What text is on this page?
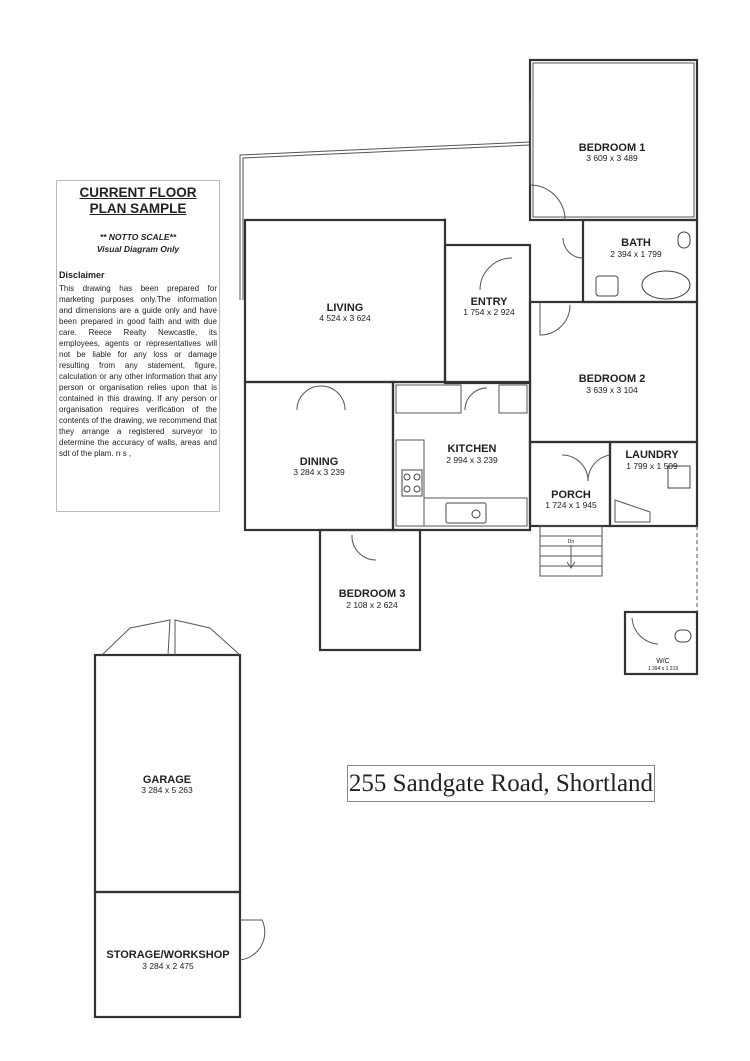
Dn
BEDROOM 1
3 609 x 3 489
BATH
2 394 x 1 799
LIVING
4 524 x 3 624
ENTRY
1 754 x 2 924
BEDROOM 2
3 639 x 3 104
DINING
3 284 x 3 239
KITCHEN
2 994 x 3 239	LAUNDRY
1 799 x 1 509
PORCH
1 724 x 1 945
BEDROOM 3
2 108 x 2 624
W/C
1 394 x 1 319
GARAGE
3 284 x 5 263
STORAGE/WORKSHOP
3 284 x 2 475
CURRENT FLOOR
PLAN SAMPLE
** NOTTO SCALE**
Visual Diagram Only
Disclaimer
This drawing has been prepared for marketing purposes only.The information and dimensions are a guide only and have been prepared in good faith and with due care. Reece Realty Newcastle, its employees, agents or representatives will not be liable for any loss or damage resulting from any statement, figure, calculation or any other information that any person or organisation relies upon that is contained in this drawing. If any person or organisation requires verification of the contents of the drawing, we recommend that they arrange a registered surveyor to determine the accuracy of walls, areas and sdt of the plam. n s ,
255 Sandgate Road, Shortland
